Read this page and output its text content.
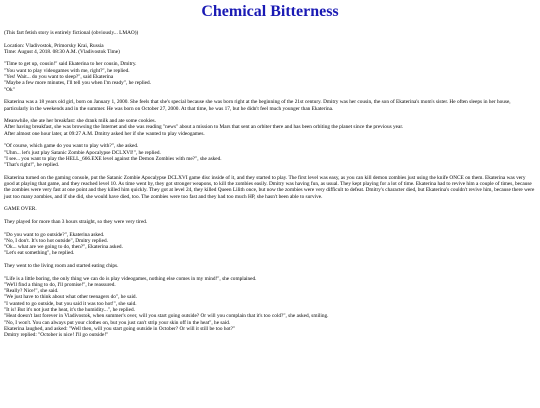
Chemical Bitterness

(This fart fetish story is entirely fictional (obviously... LMAO))

Location: Vladivostok, Primorsky Krai, Russia
Time: August 4, 2018. 08:30 A.M. (Vladivostok Time)

"Time to get up, cousin!" said Ekaterina to her cousin, Dmitry.
"You want to play videogames with me, right?", he replied.
"Yes! Wait... do you want to sleep?", said Ekaterina
"Maybe a few more minutes, I'll tell you when I'm ready", he replied.
"Ok"

Ekaterina was a 18 years old girl, born on January 1, 2000. She feels that she's special because she was born right at the beginning of the 21st century. Dmitry was her cousin, the son of Ekaterina's mom's sister. He often sleeps in her house, particularly in the weekends and in the summer. He was born on October 27, 2000. At that time, he was 17, but he didn't feel much younger than Ekaterina.

Meanwhile, she ate her breakfast: she drank milk and ate some cookies.
After having breakfast, she was browsing the Internet and she was reading "news" about a mission to Mars that sent an orbiter there and has been orbiting the planet since the previous year.
After almost one hour later, at 09:27 A.M. Dmitry asked her if she wanted to play videogames.

"Of course, which game do you want to play with?", she asked.
"Uhm... let's just play Satanic Zombie Apocalypse DCLXVI!", he replied.
"I see... you want to play the HELL_666.EXE level against the Demon Zombies with me?", she asked.
"That's right!", he replied.

Ekaterina turned on the gaming console, put the Satanic Zombie Apocalypse DCLXVI game disc inside of it, and they started to play. The first level was easy, as you can kill demon zombies just using the knife ONCE on them. Ekaterina was very good at playing that game, and they reached level 10. As time went by, they got stronger weapons, to kill the zombies easily. Dmitry was having fun, as usual. They kept playing for a lot of time. Ekaterina had to revive him a couple of times, because the zombies were very fast at one point and they killed him quickly. They got at level 24, they killed Queen Lilith once, but now the zombies were very difficult to defeat. Dmitry's character died, but Ekaterina's couldn't revive him, because there were just too many zombies, and if she did, she would have died, too. The zombies were too fast and they had too much HP, she hasn't been able to survive.

GAME OVER.

They played for more than 3 hours straight, so they were very tired.

"Do you want to go outside?", Ekaterina asked.
"No, I don't. It's too hot outside", Dmitry replied.
"Ok... what are we going to do, then?", Ekaterina asked.
"Let's eat something", he replied.

They went to the living room and started eating chips.

"Life is a little boring, the only thing we can do is play videogames, nothing else comes in my mind!", she complained.
"We'll find a thing to do, I'll promise!", he reassured.
"Really? Nice!", she said.
"We just have to think about what other teenagers do", he said.
"I wanted to go outside, but you said it was too hot!", she said.
"It is! But it's not just the heat, it's the humidity...", he replied.
"Heat doesn't last forever in Vladivostok, when summer's over, will you start going outside? Or will you complain that it's too cold?", she asked, smiling.
"No, I won't. You can always put your clothes on, but you just can't strip your skin off in the heat", he said.
Ekaterina laughed, and asked: "Well then, will you start going outside in October? Or will it still be too hot?"
Dmitry replied: "October is nice! I'll go outside!"
